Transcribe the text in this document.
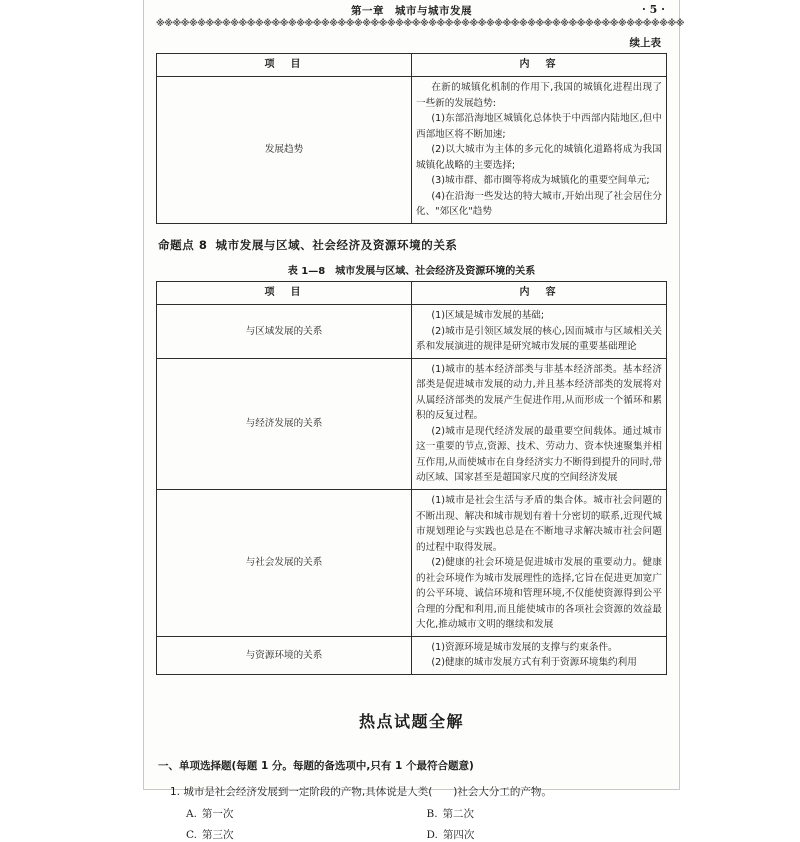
第一章　城市与城市发展	· 5 ·
※※※※※※※※※※※※※※※※※※※※※※※※※※※※※※※※※※※※※※※※※※※※※※※※※※※※※※※※※※※※※※※※
续上表
项　目	内　容
发展趋势	在新的城镇化机制的作用下,我国的城镇化进程出现了一些新的发展趋势:
(1)东部沿海地区城镇化总体快于中西部内陆地区,但中西部地区将不断加速;
(2)以大城市为主体的多元化的城镇化道路将成为我国城镇化战略的主要选择;
(3)城市群、都市圈等将成为城镇化的重要空间单元;
(4)在沿海一些发达的特大城市,开始出现了社会居住分化、"郊区化"趋势
命题点 8 城市发展与区域、社会经济及资源环境的关系
表 1—8　城市发展与区域、社会经济及资源环境的关系
项　目	内　容
与区域发展的关系	(1)区域是城市发展的基础;
(2)城市是引领区域发展的核心,因而城市与区域相关关系和发展演进的规律是研究城市发展的重要基础理论

与经济发展的关系	(1)城市的基本经济部类与非基本经济部类。基本经济部类是促进城市发展的动力,并且基本经济部类的发展将对从属经济部类的发展产生促进作用,从而形成一个循环和累积的反复过程。
(2)城市是现代经济发展的最重要空间载体。通过城市这一重要的节点,资源、技术、劳动力、资本快速聚集并相互作用,从而使城市在自身经济实力不断得到提升的同时,带动区域、国家甚至是超国家尺度的空间经济发展

与社会发展的关系	(1)城市是社会生活与矛盾的集合体。城市社会问题的不断出现、解决和城市规划有着十分密切的联系,近现代城市规划理论与实践也总是在不断地寻求解决城市社会问题的过程中取得发展。
(2)健康的社会环境是促进城市发展的重要动力。健康的社会环境作为城市发展理性的选择,它旨在促进更加宽广的公平环境、诚信环境和管理环境,不仅能使资源得到公平合理的分配和利用,而且能使城市的各项社会资源的效益最大化,推动城市文明的继续和发展

与资源环境的关系	(1)资源环境是城市发展的支撑与约束条件。
(2)健康的城市发展方式有利于资源环境集约利用
热点试题全解
一、单项选择题(每题 1 分。每题的备选项中,只有 1 个最符合题意)
1. 城市是社会经济发展到一定阶段的产物,具体说是人类(　　)社会大分工的产物。
A. 第一次	B. 第二次
C. 第三次	D. 第四次
